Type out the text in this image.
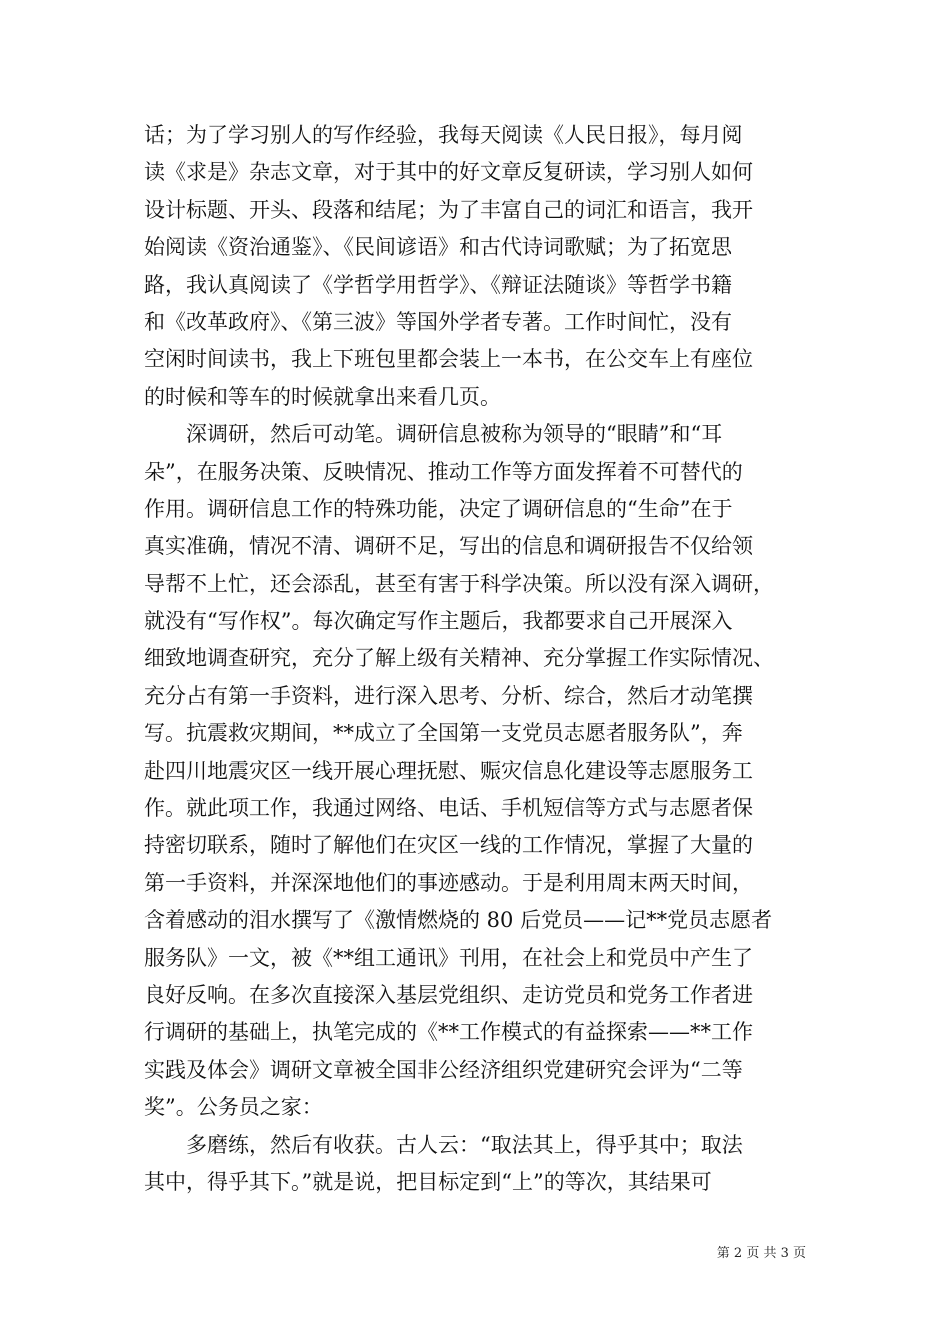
话；为了学习别人的写作经验，我每天阅读《人民日报》，每月阅
读《求是》杂志文章，对于其中的好文章反复研读，学习别人如何
设计标题、开头、段落和结尾；为了丰富自己的词汇和语言，我开
始阅读《资治通鉴》、《民间谚语》和古代诗词歌赋；为了拓宽思
路，我认真阅读了《学哲学用哲学》、《辩证法随谈》等哲学书籍
和《改革政府》、《第三波》等国外学者专著。工作时间忙，没有
空闲时间读书，我上下班包里都会装上一本书，在公交车上有座位
的时候和等车的时候就拿出来看几页。
深调研，然后可动笔。调研信息被称为领导的“眼睛”和“耳
朵”，在服务决策、反映情况、推动工作等方面发挥着不可替代的
作用。调研信息工作的特殊功能，决定了调研信息的“生命”在于
真实准确，情况不清、调研不足，写出的信息和调研报告不仅给领
导帮不上忙，还会添乱，甚至有害于科学决策。所以没有深入调研，
就没有“写作权”。每次确定写作主题后，我都要求自己开展深入
细致地调查研究，充分了解上级有关精神、充分掌握工作实际情况、
充分占有第一手资料，进行深入思考、分析、综合，然后才动笔撰
写。抗震救灾期间，**成立了全国第一支党员志愿者服务队”，奔
赴四川地震灾区一线开展心理抚慰、赈灾信息化建设等志愿服务工
作。就此项工作，我通过网络、电话、手机短信等方式与志愿者保
持密切联系，随时了解他们在灾区一线的工作情况，掌握了大量的
第一手资料，并深深地他们的事迹感动。于是利用周末两天时间，
含着感动的泪水撰写了《激情燃烧的 80 后党员——记**党员志愿者
服务队》一文，被《**组工通讯》刊用，在社会上和党员中产生了
良好反响。在多次直接深入基层党组织、走访党员和党务工作者进
行调研的基础上，执笔完成的《**工作模式的有益探索——**工作
实践及体会》调研文章被全国非公经济组织党建研究会评为“二等
奖”。公务员之家：
多磨练，然后有收获。古人云：“取法其上，得乎其中；取法
其中，得乎其下。”就是说，把目标定到“上”的等次，其结果可
第 2 页 共 3 页
